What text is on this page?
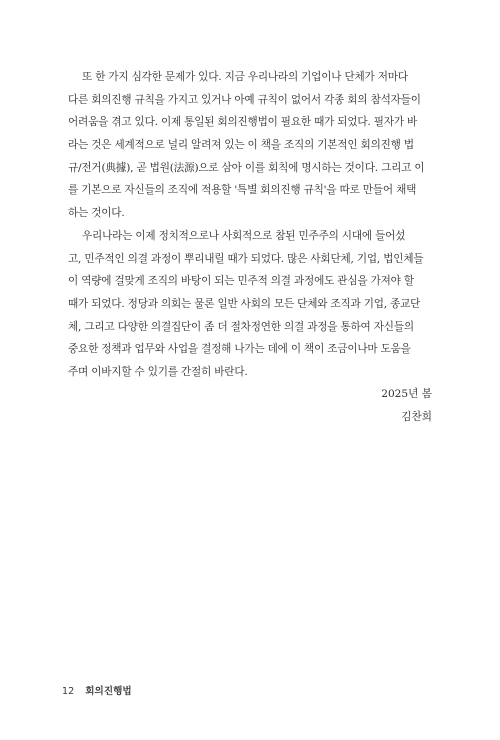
또 한 가지 심각한 문제가 있다. 지금 우리나라의 기업이나 단체가 저마다
다른 회의진행 규칙을 가지고 있거나 아예 규칙이 없어서 각종 회의 참석자들이
어려움을 겪고 있다. 이제 통일된 회의진행법이 필요한 때가 되었다. 필자가 바
라는 것은 세계적으로 널리 알려져 있는 이 책을 조직의 기본적인 회의진행 법
규/전거(典據), 곧 법원(法源)으로 삼아 이를 회칙에 명시하는 것이다. 그리고 이
를 기본으로 자신들의 조직에 적용할 '특별 회의진행 규칙'을 따로 만들어 채택
하는 것이다.
우리나라는 이제 정치적으로나 사회적으로 참된 민주주의 시대에 들어섰
고, 민주적인 의결 과정이 뿌리내릴 때가 되었다. 많은 사회단체, 기업, 법인체들
이 역량에 걸맞게 조직의 바탕이 되는 민주적 의결 과정에도 관심을 가져야 할
때가 되었다. 정당과 의회는 물론 일반 사회의 모든 단체와 조직과 기업, 종교단
체, 그리고 다양한 의결집단이 좀 더 절차정연한 의결 과정을 통하여 자신들의
중요한 정책과 업무와 사업을 결정해 나가는 데에 이 책이 조금이나마 도움을
주며 이바지할 수 있기를 간절히 바란다.
2025년 봄
김찬희
12 회의진행법
